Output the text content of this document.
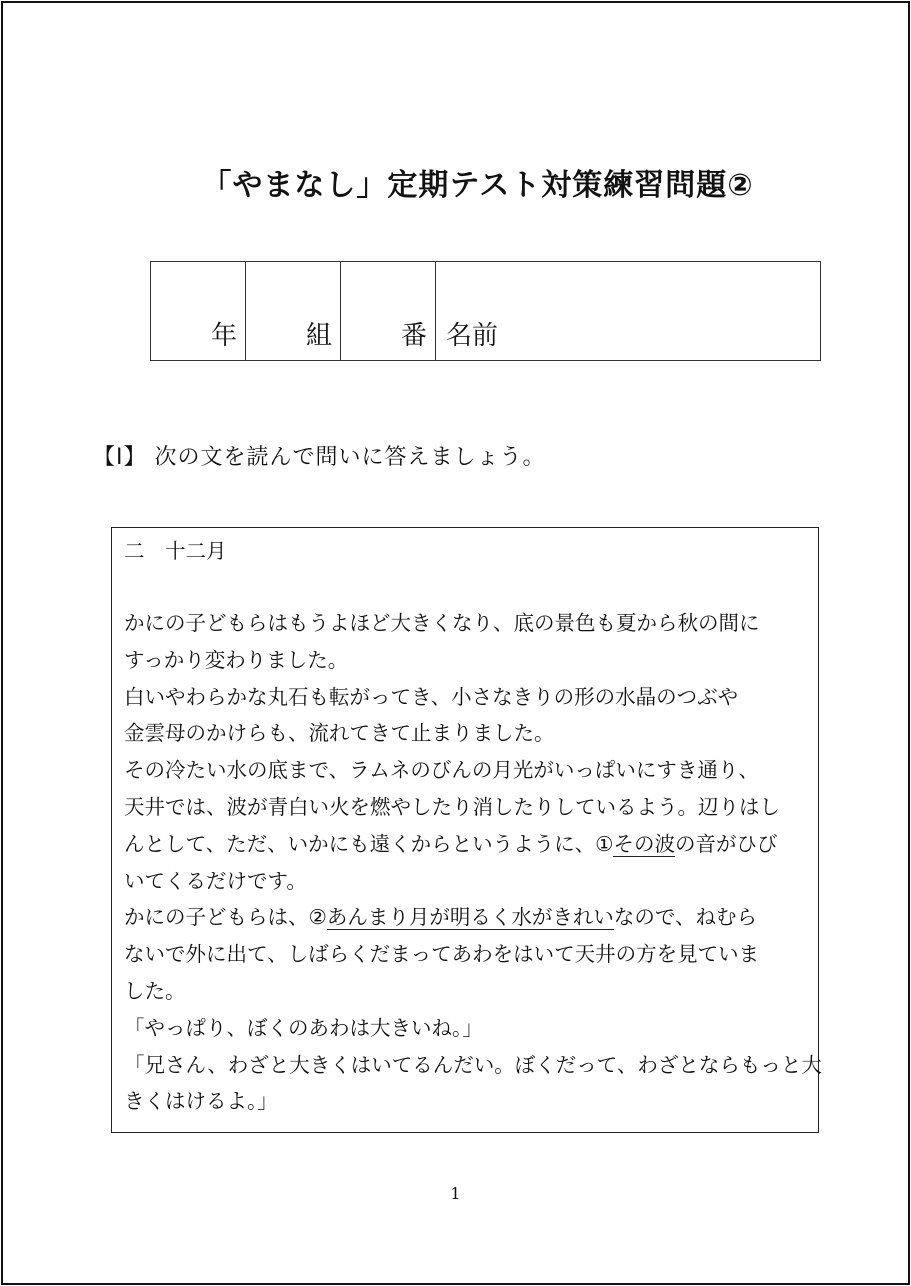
「やまなし」定期テスト対策練習問題②
年	組	番 名前
【Ⅰ】 次の文を読んで問いに答えましょう。
二　十二月
かにの子どもらはもうよほど大きくなり、底の景色も夏から秋の間に
すっかり変わりました。
白いやわらかな丸石も転がってき、小さなきりの形の水晶のつぶや
金雲母のかけらも、流れてきて止まりました。
その冷たい水の底まで、ラムネのびんの月光がいっぱいにすき通り、
天井では、波が青白い火を燃やしたり消したりしているよう。辺りはし
んとして、ただ、いかにも遠くからというように、①その波の音がひび
いてくるだけです。
かにの子どもらは、②あんまり月が明るく水がきれいなので、ねむら
ないで外に出て、しばらくだまってあわをはいて天井の方を見ていま
した。
「やっぱり、ぼくのあわは大きいね。」
「兄さん、わざと大きくはいてるんだい。ぼくだって、わざとならもっと大
きくはけるよ。」
1
